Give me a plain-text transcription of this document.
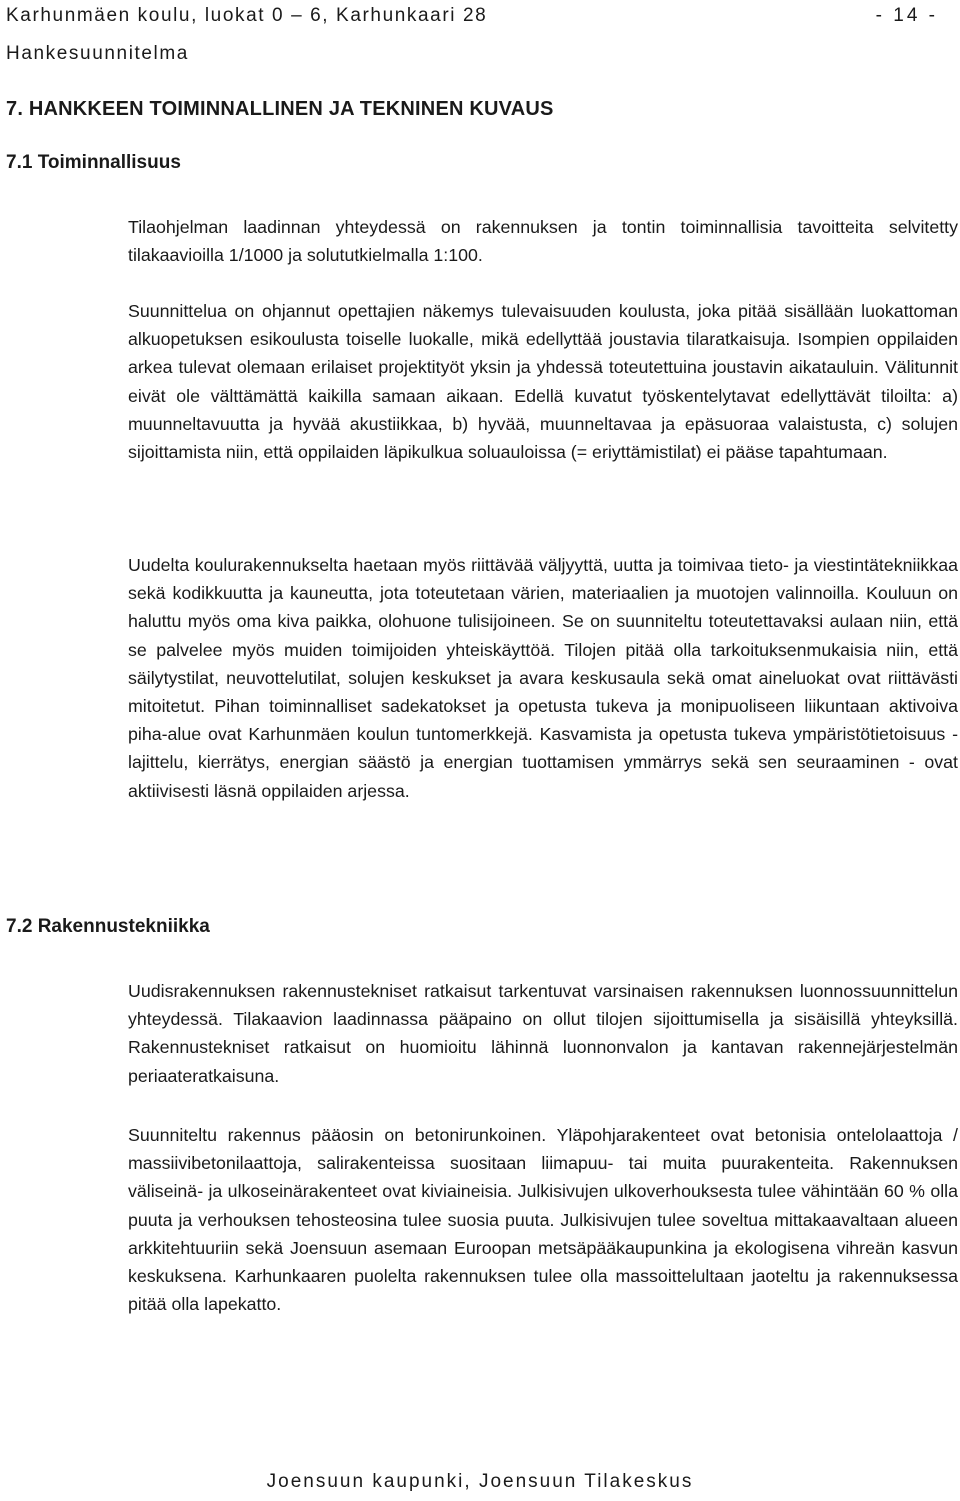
Karhunmäen koulu, luokat 0 – 6, Karhunkaari 28	- 14 -
Hankesuunnitelma
7. HANKKEEN TOIMINNALLINEN JA TEKNINEN KUVAUS
7.1 Toiminnallisuus

Tilaohjelman laadinnan yhteydessä on rakennuksen ja tontin toiminnallisia tavoitteita selvitetty tilakaavioilla 1/1000 ja solututkielmalla 1:100.

Suunnittelua on ohjannut opettajien näkemys tulevaisuuden koulusta, joka pitää sisällään luokattoman alkuopetuksen esikoulusta toiselle luokalle, mikä edellyttää joustavia tilaratkaisuja. Isompien oppilaiden arkea tulevat olemaan erilaiset projektityöt yksin ja yhdessä toteutettuina joustavin aikatauluin. Välitunnit eivät ole välttämättä kaikilla samaan aikaan. Edellä kuvatut työskentelytavat edellyttävät tiloilta: a) muunneltavuutta ja hyvää akustiikkaa, b) hyvää, muunneltavaa ja epäsuoraa valaistusta, c) solujen sijoittamista niin, että oppilaiden läpikulkua soluauloissa (= eriyttämistilat) ei pääse tapahtumaan.

Uudelta koulurakennukselta haetaan myös riittävää väljyyttä, uutta ja toimivaa tieto- ja viestintätekniikkaa sekä kodikkuutta ja kauneutta, jota toteutetaan värien, materiaalien ja muotojen valinnoilla. Kouluun on haluttu myös oma kiva paikka, olohuone tulisijoineen. Se on suunniteltu toteutettavaksi aulaan niin, että se palvelee myös muiden toimijoiden yhteiskäyttöä. Tilojen pitää olla tarkoituksenmukaisia niin, että säilytystilat, neuvottelutilat, solujen keskukset ja avara keskusaula sekä omat aineluokat ovat riittävästi mitoitetut. Pihan toiminnalliset sadekatokset ja opetusta tukeva ja monipuoliseen liikuntaan aktivoiva piha-alue ovat Karhunmäen koulun tuntomerkkejä. Kasvamista ja opetusta tukeva ympäristötietoisuus - lajittelu, kierrätys, energian säästö ja energian tuottamisen ymmärrys sekä sen seuraaminen - ovat aktiivisesti läsnä oppilaiden arjessa.

7.2 Rakennustekniikka

Uudisrakennuksen rakennustekniset ratkaisut tarkentuvat varsinaisen rakennuksen luonnossuunnittelun yhteydessä. Tilakaavion laadinnassa pääpaino on ollut tilojen sijoittumisella ja sisäisillä yhteyksillä. Rakennustekniset ratkaisut on huomioitu lähinnä luonnonvalon ja kantavan rakennejärjestelmän periaateratkaisuna.

Suunniteltu rakennus pääosin on betonirunkoinen. Yläpohjarakenteet ovat betonisia ontelolaattoja / massiivibetonilaattoja, salirakenteissa suositaan liimapuu- tai muita puurakenteita. Rakennuksen väliseinä- ja ulkoseinärakenteet ovat kiviaineisia. Julkisivujen ulkoverhouksesta tulee vähintään 60 % olla puuta ja verhouksen tehosteosina tulee suosia puuta. Julkisivujen tulee soveltua mittakaavaltaan alueen arkkitehtuuriin sekä Joensuun asemaan Euroopan metsäpääkaupunkina ja ekologisena vihreän kasvun keskuksena. Karhunkaaren puolelta rakennuksen tulee olla massoittelultaan jaoteltu ja rakennuksessa pitää olla lapekatto.

Joensuun kaupunki, Joensuun Tilakeskus
